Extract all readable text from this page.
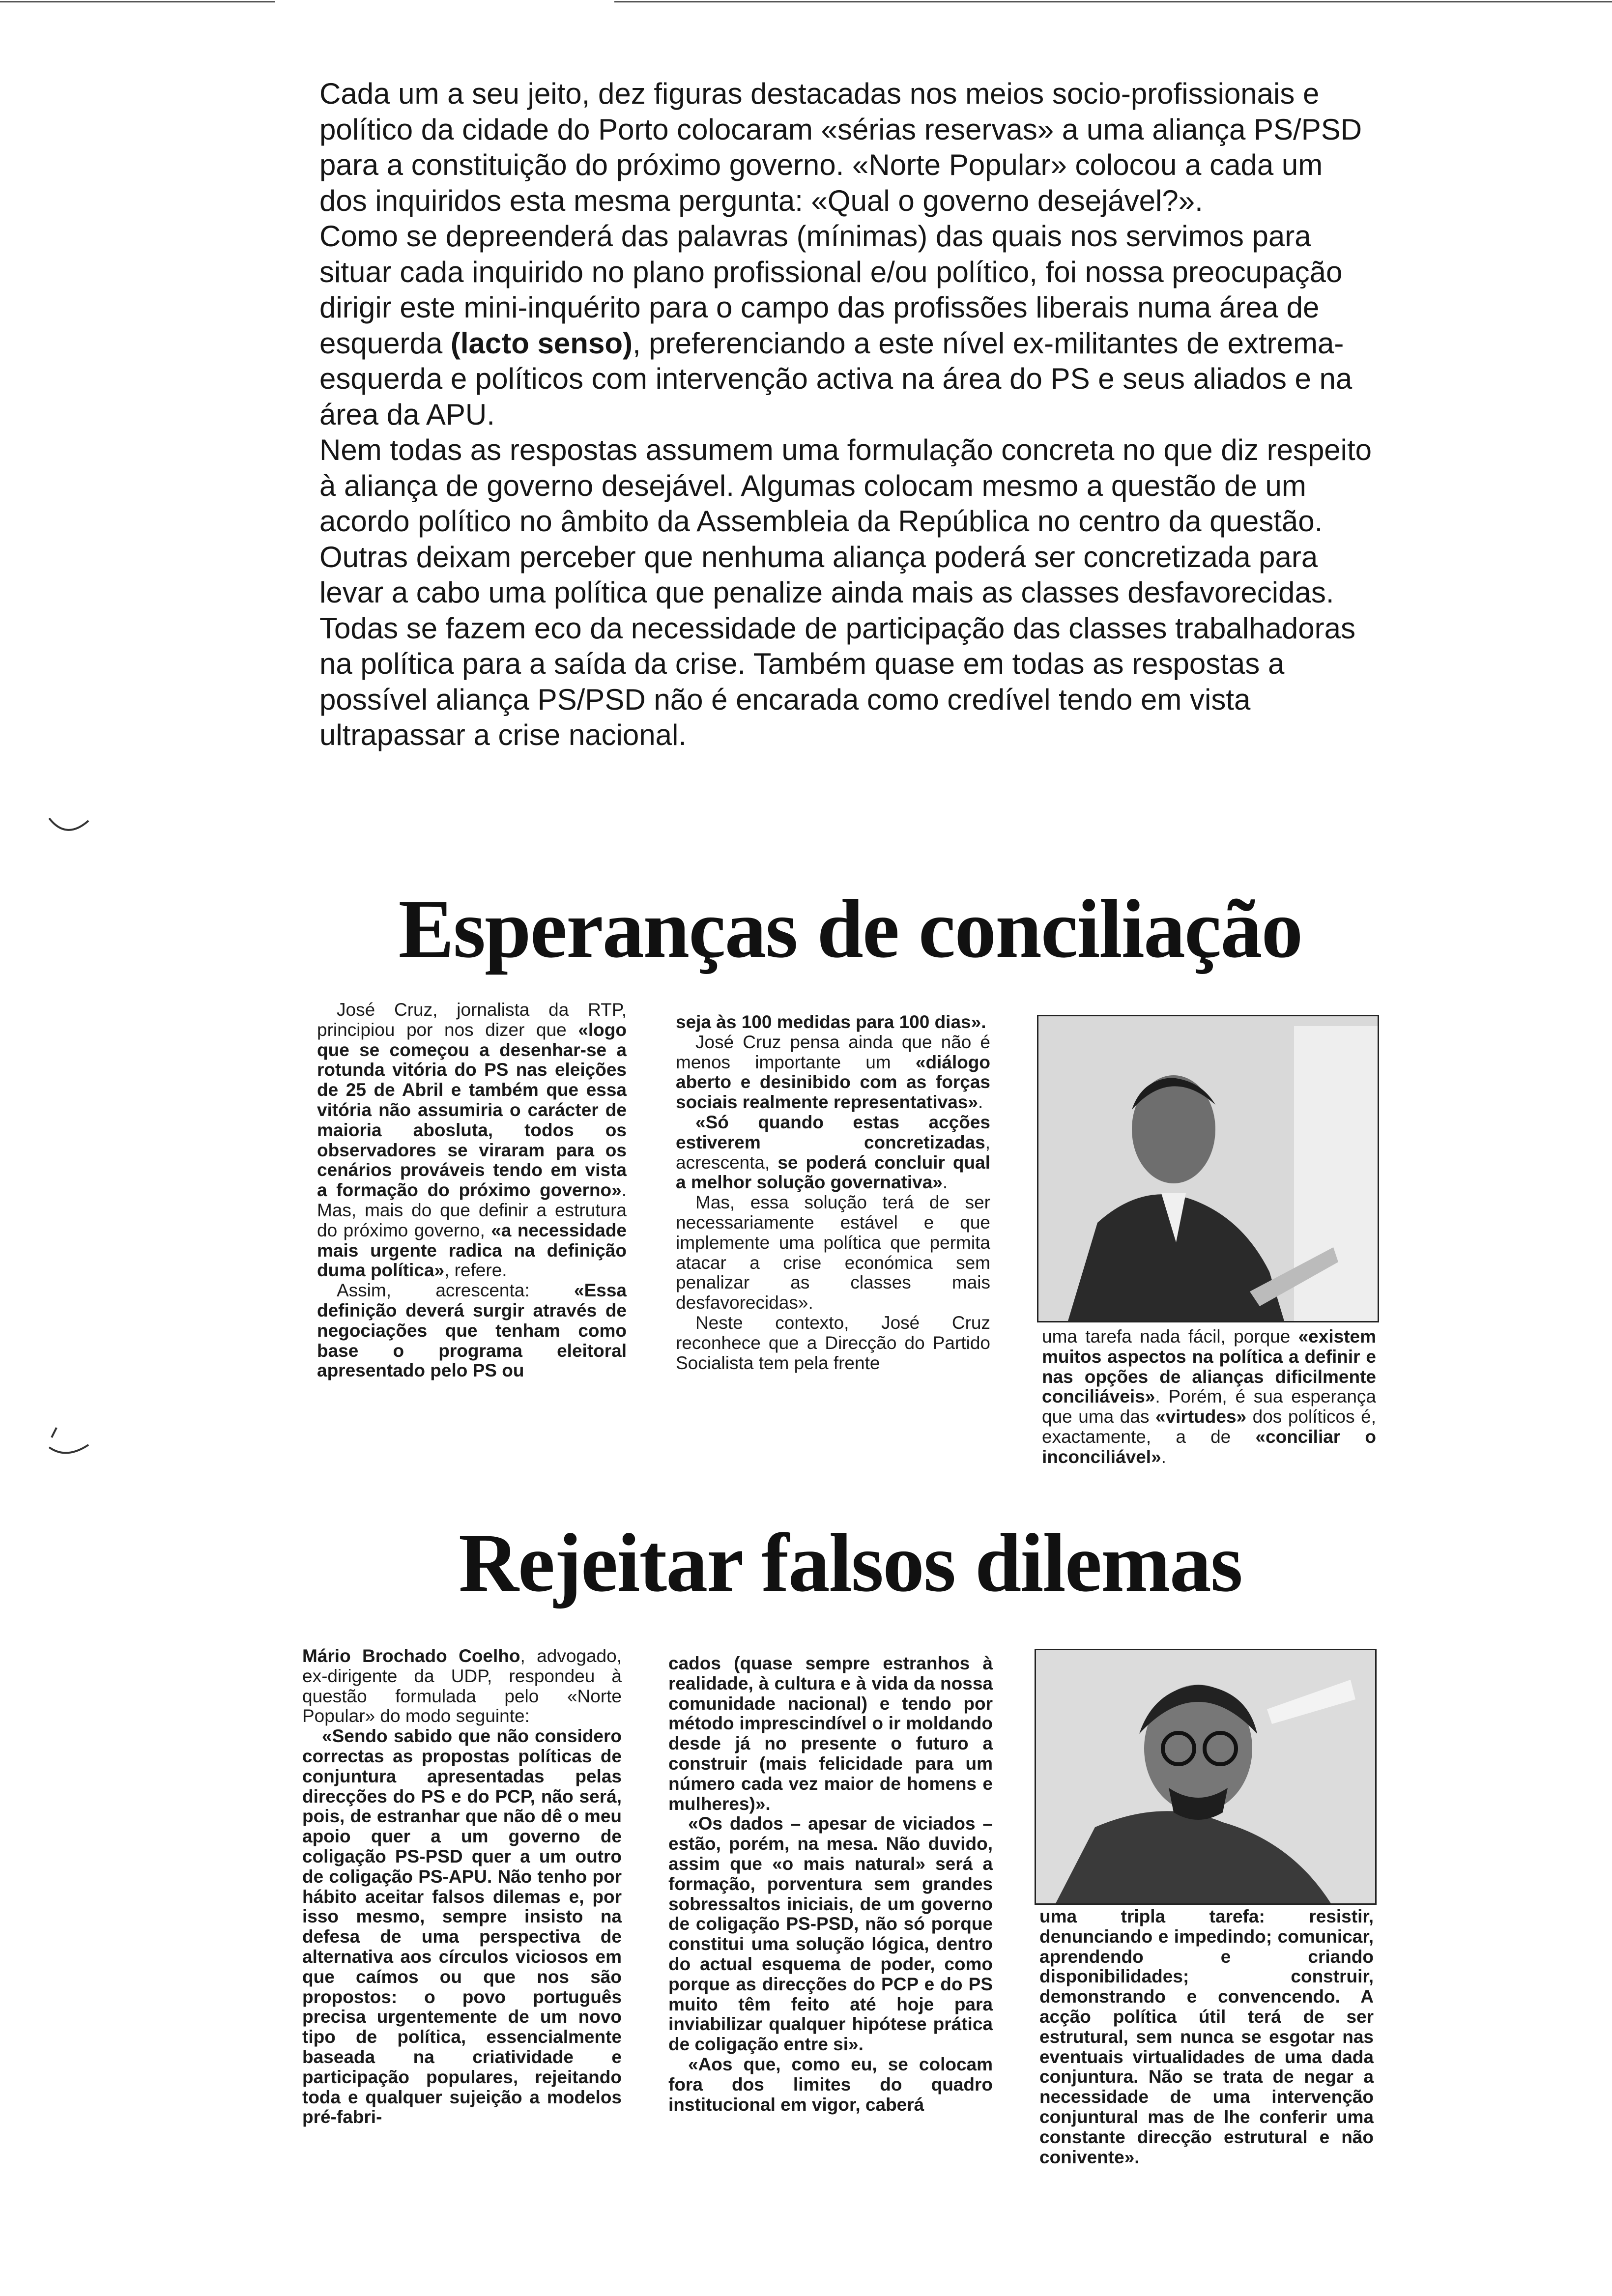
Cada um a seu jeito, dez figuras destacadas nos meios socio-profissionais e político da cidade do Porto colocaram «sérias reservas» a uma aliança PS/PSD para a constituição do próximo governo. «Norte Popular» colocou a cada um dos inquiridos esta mesma pergunta: «Qual o governo desejável?».

Como se depreenderá das palavras (mínimas) das quais nos servimos para situar cada inquirido no plano profissional e/ou político, foi nossa preocupação dirigir este mini-inquérito para o campo das profissões liberais numa área de esquerda (lacto senso), preferenciando a este nível ex-militantes de extrema-esquerda e políticos com intervenção activa na área do PS e seus aliados e na área da APU.

Nem todas as respostas assumem uma formulação concreta no que diz respeito à aliança de governo desejável. Algumas colocam mesmo a questão de um acordo político no âmbito da Assembleia da República no centro da questão. Outras deixam perceber que nenhuma aliança poderá ser concretizada para levar a cabo uma política que penalize ainda mais as classes desfavorecidas. Todas se fazem eco da necessidade de participação das classes trabalhadoras na política para a saída da crise. Também quase em todas as respostas a possível aliança PS/PSD não é encarada como credível tendo em vista ultrapassar a crise nacional.

Esperanças de conciliação

José Cruz, jornalista da RTP, principiou por nos dizer que «logo que se começou a desenhar-se a rotunda vitória do PS nas eleições de 25 de Abril e também que essa vitória não assumiria o carácter de maioria abosluta, todos os observadores se viraram para os cenários prováveis tendo em vista a formação do próximo governo». Mas, mais do que definir a estrutura do próximo governo, «a necessidade mais urgente radica na definição duma política», refere.

Assim, acrescenta: «Essa definição deverá surgir através de negociações que tenham como base o programa eleitoral apresentado pelo PS ou

seja às 100 medidas para 100 dias».

José Cruz pensa ainda que não é menos importante um «diálogo aberto e desinibido com as forças sociais realmente representativas».

«Só quando estas acções estiverem concretizadas, acrescenta, se poderá concluir qual a melhor solução governativa».

Mas, essa solução terá de ser necessariamente estável e que implemente uma política que permita atacar a crise económica sem penalizar as classes mais desfavorecidas».

Neste contexto, José Cruz reconhece que a Direcção do Partido Socialista tem pela frente

uma tarefa nada fácil, porque «existem muitos aspectos na política a definir e nas opções de alianças dificilmente conciliáveis». Porém, é sua esperança que uma das «virtudes» dos políticos é, exactamente, a de «conciliar o inconciliável».

Rejeitar falsos dilemas

Mário Brochado Coelho, advogado, ex-dirigente da UDP, respondeu à questão formulada pelo «Norte Popular» do modo seguinte:

«Sendo sabido que não considero correctas as propostas políticas de conjuntura apresentadas pelas direcções do PS e do PCP, não será, pois, de estranhar que não dê o meu apoio quer a um governo de coligação PS-PSD quer a um outro de coligação PS-APU. Não tenho por hábito aceitar falsos dilemas e, por isso mesmo, sempre insisto na defesa de uma perspectiva de alternativa aos círculos viciosos em que caímos ou que nos são propostos: o povo português precisa urgentemente de um novo tipo de política, essencialmente baseada na criatividade e participação populares, rejeitando toda e qualquer sujeição a modelos pré-fabri-

cados (quase sempre estranhos à realidade, à cultura e à vida da nossa comunidade nacional) e tendo por método imprescindível o ir moldando desde já no presente o futuro a construir (mais felicidade para um número cada vez maior de homens e mulheres)».

«Os dados – apesar de viciados – estão, porém, na mesa. Não duvido, assim que «o mais natural» será a formação, porventura sem grandes sobressaltos iniciais, de um governo de coligação PS-PSD, não só porque constitui uma solução lógica, dentro do actual esquema de poder, como porque as direcções do PCP e do PS muito têm feito até hoje para inviabilizar qualquer hipótese prática de coligação entre si».

«Aos que, como eu, se colocam fora dos limites do quadro institucional em vigor, caberá

uma tripla tarefa: resistir, denunciando e impedindo; comunicar, aprendendo e criando disponibilidades; construir, demonstrando e convencendo. A acção política útil terá de ser estrutural, sem nunca se esgotar nas eventuais virtualidades de uma dada conjuntura. Não se trata de negar a necessidade de uma intervenção conjuntural mas de lhe conferir uma constante direcção estrutural e não conivente».
